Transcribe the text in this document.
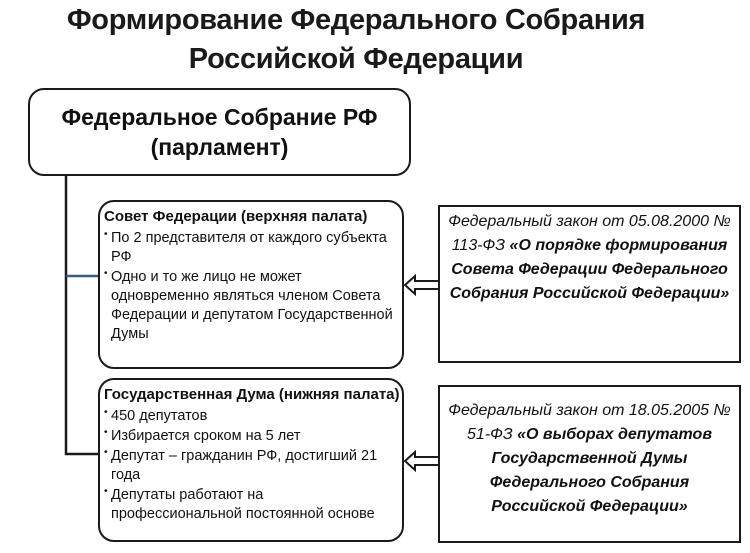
Формирование Федерального Собрания
Российской Федерации
Федеральное Собрание РФ
(парламент)
Совет Федерации (верхняя палата)
• По 2 представителя от каждого субъекта РФ
• Одно и то же лицо не может одновременно являться членом Совета Федерации и депутатом Государственной Думы
Государственная Дума (нижняя палата)
• 450 депутатов
• Избирается сроком на 5 лет
• Депутат – гражданин РФ, достигший 21 года
• Депутаты работают на профессиональной постоянной основе
Федеральный закон от 05.08.2000 № 113-ФЗ «О порядке формирования Совета Федерации Федерального Собрания Российской Федерации»
Федеральный закон от 18.05.2005 № 51-ФЗ «О выборах депутатов Государственной Думы Федерального Собрания Российской Федерации»
